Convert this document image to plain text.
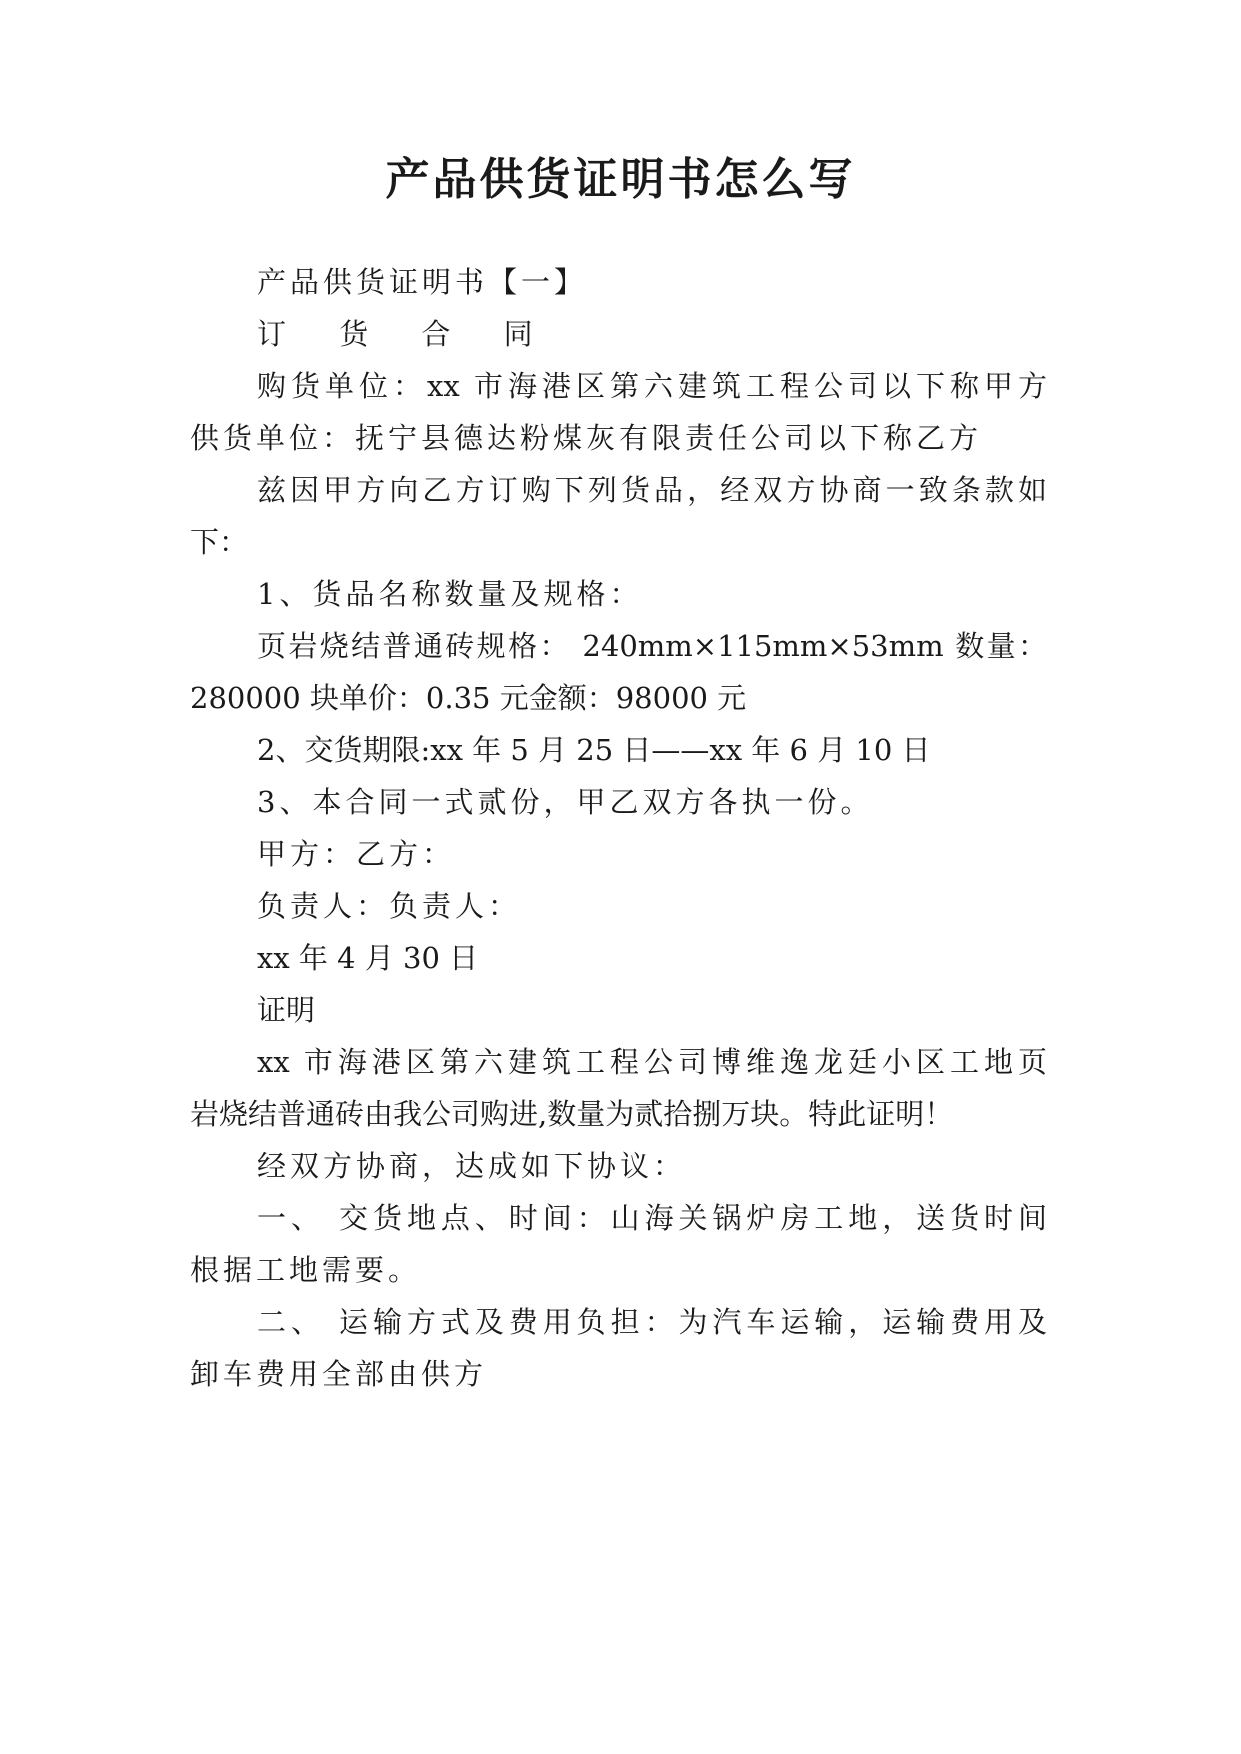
产品供货证明书怎么写
产品供货证明书【一】
订 货 合 同
购货单位：xx 市海港区第六建筑工程公司以下称甲方
供货单位：抚宁县德达粉煤灰有限责任公司以下称乙方
兹因甲方向乙方订购下列货品，经双方协商一致条款如
下：
1、货品名称数量及规格：
页岩烧结普通砖规格： 240mm×115mm×53mm 数量：
280000 块单价：0.35 元金额：98000 元
2、交货期限:xx 年 5 月 25 日——xx 年 6 月 10 日
3、本合同一式贰份，甲乙双方各执一份。
甲方：乙方：
负责人：负责人：
xx 年 4 月 30 日
证明
xx 市海港区第六建筑工程公司博维逸龙廷小区工地页
岩烧结普通砖由我公司购进,数量为贰拾捌万块。特此证明！
经双方协商，达成如下协议：
一、 交货地点、时间：山海关锅炉房工地，送货时间
根据工地需要。
二、 运输方式及费用负担：为汽车运输，运输费用及
卸车费用全部由供方
